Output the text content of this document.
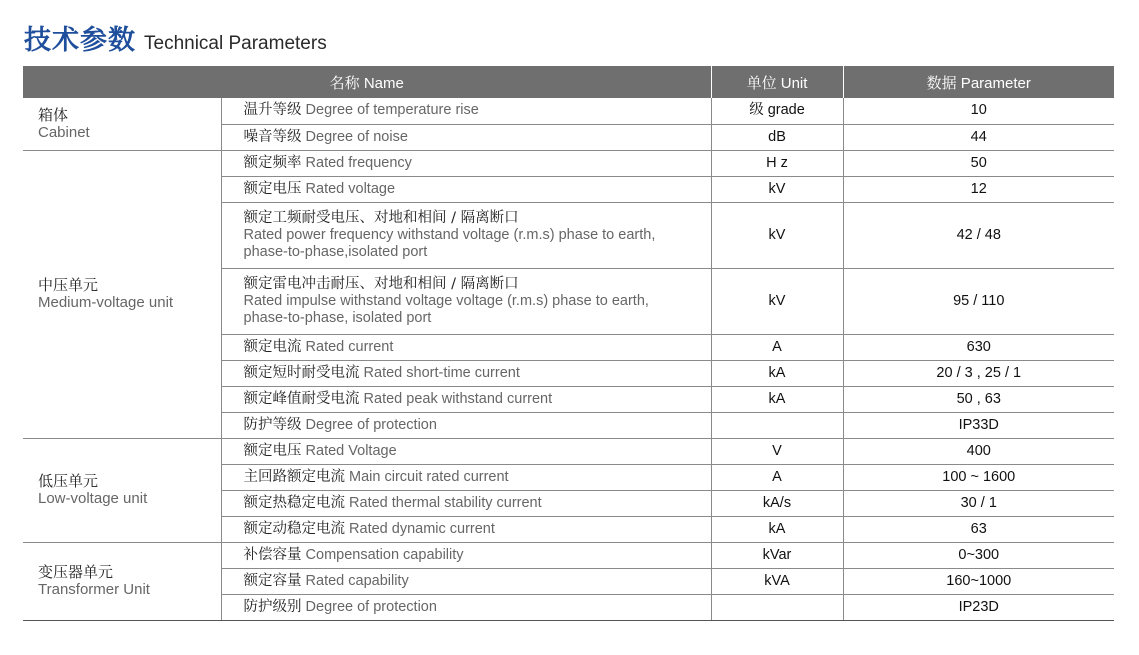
技术参数 Technical Parameters
名称 Name		单位 Unit	数据 Parameter

箱体
Cabinet	温升等级 Degree of temperature rise	级 grade	10
	噪音等级 Degree of noise	dB	44

中压单元
Medium-voltage unit	额定频率 Rated frequency	H z	50
	额定电压 Rated voltage	kV	12

	额定工频耐受电压、对地和相间 / 隔离断口
Rated power frequency withstand voltage (r.m.s) phase to earth,
phase-to-phase,isolated port	kV	42 / 48

	额定雷电冲击耐压、对地和相间 / 隔离断口
Rated impulse withstand voltage voltage (r.m.s) phase to earth,
phase-to-phase, isolated port	kV	95 / 110
	额定电流 Rated current	A	630
	额定短时耐受电流 Rated short-time current	kA	20 / 3 , 25 / 1
	额定峰值耐受电流 Rated peak withstand current	kA	50 , 63
	防护等级 Degree of protection		IP33D

低压单元
Low-voltage unit	额定电压 Rated Voltage	V	400
	主回路额定电流 Main circuit rated current	A	100 ~ 1600
	额定热稳定电流 Rated thermal stability current	kA/s	30 / 1
	额定动稳定电流 Rated dynamic current	kA	63

变压器单元
Transformer Unit	补偿容量 Compensation capability	kVar	0~300
	额定容量 Rated capability	kVA	160~1000
	防护级别 Degree of protection		IP23D
